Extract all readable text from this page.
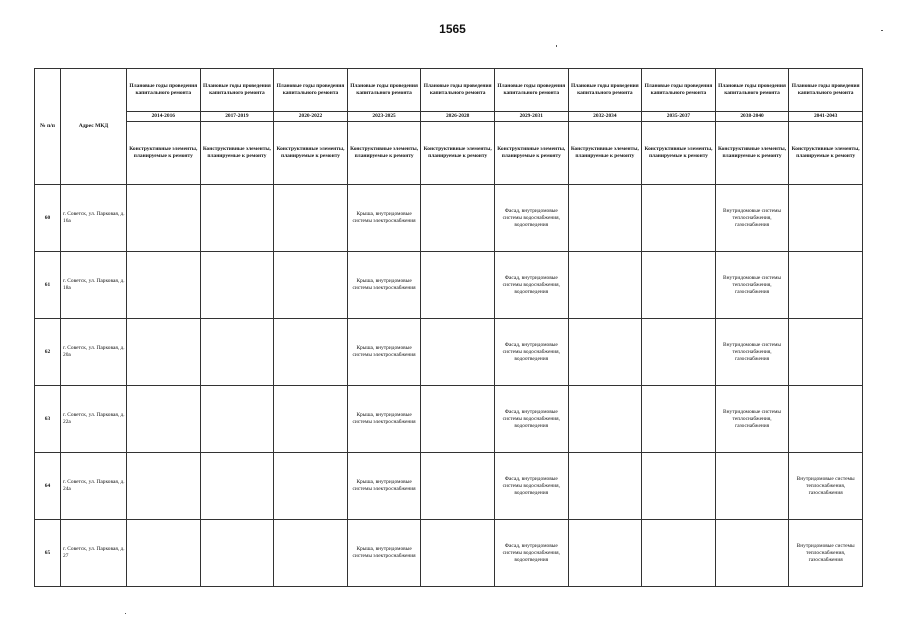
1565
№ п/п	Адрес МКД	Плановые годы проведения капитального ремонта	Плановые годы проведения капитального ремонта	Плановые годы проведения капитального ремонта	Плановые годы проведения капитального ремонта	Плановые годы проведения капитального ремонта	Плановые годы проведения капитального ремонта	Плановые годы проведения капитального ремонта	Плановые годы проведения капитального ремонта	Плановые годы проведения капитального ремонта	Плановые годы проведения капитального ремонта
		2014-2016	2017-2019	2020-2022	2023-2025	2026-2028	2029-2031	2032-2034	2035-2037	2038-2040	2041-2043
		Конструктивные элементы, планируемые к ремонту	Конструктивные элементы, планируемые к ремонту	Конструктивные элементы, планируемые к ремонту	Конструктивные элементы, планируемые к ремонту	Конструктивные элементы, планируемые к ремонту	Конструктивные элементы, планируемые к ремонту	Конструктивные элементы, планируемые к ремонту	Конструктивные элементы, планируемые к ремонту	Конструктивные элементы, планируемые к ремонту	Конструктивные элементы, планируемые к ремонту
60	г. Советск, ул. Парковая, д. 16а				Крыша, внутридомовые системы электроснабжения		Фасад, внутридомовые системы водоснабжения, водоотведения			Внутридомовые системы теплоснабжения, газоснабжения	
61	г. Советск, ул. Парковая, д. 18а				Крыша, внутридомовые системы электроснабжения		Фасад, внутридомовые системы водоснабжения, водоотведения			Внутридомовые системы теплоснабжения, газоснабжения	
62	г. Советск, ул. Парковая, д. 20а				Крыша, внутридомовые системы электроснабжения		Фасад, внутридомовые системы водоснабжения, водоотведения			Внутридомовые системы теплоснабжения, газоснабжения	
63	г. Советск, ул. Парковая, д. 22а				Крыша, внутридомовые системы электроснабжения		Фасад, внутридомовые системы водоснабжения, водоотведения			Внутридомовые системы теплоснабжения, газоснабжения	
64	г. Советск, ул. Парковая, д. 24а				Крыша, внутридомовые системы электроснабжения		Фасад, внутридомовые системы водоснабжения, водоотведения				Внутридомовые системы теплоснабжения, газоснабжения
65	г. Советск, ул. Парковая, д. 27				Крыша, внутридомовые системы электроснабжения		Фасад, внутридомовые системы водоснабжения, водоотведения				Внутридомовые системы теплоснабжения, газоснабжения
